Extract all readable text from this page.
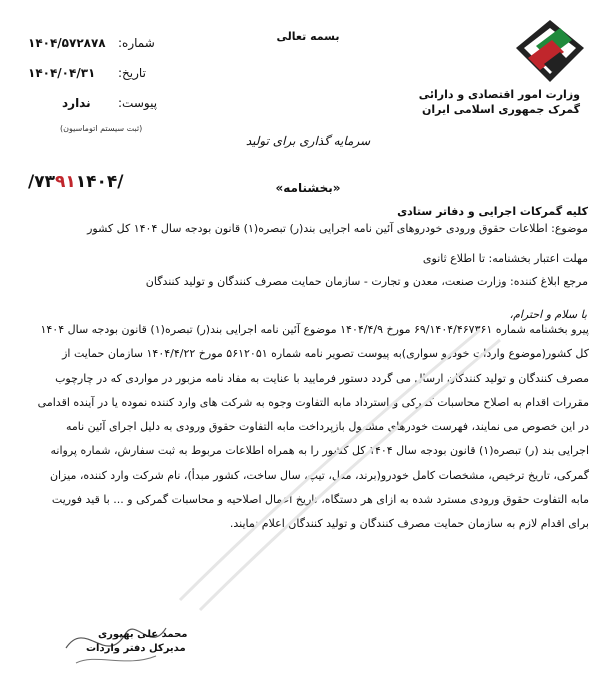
بسمه تعالی
وزارت امور اقتصادی و دارائی
گمرک جمهوری اسلامی ایران
شماره:
۱۴۰۴/۵۷۲۸۷۸
تاریخ:
۱۴۰۴/۰۴/۳۱
پیوست:
ندارد
(ثبت سیستم اتوماسیون)
سرمایه گذاری برای تولید
/۷۳۹۱۱۴۰۴/	«بخشنامه»
کلیه گمرکات اجرایی و دفاتر ستادی
موضوع: اطلاعات حقوق ورودی خودروهای آئین نامه اجرایی بند(ر) تبصره(۱) قانون بودجه سال ۱۴۰۴ کل کشور
مهلت اعتبار بخشنامه: تا اطلاع ثانوی
مرجع ابلاغ کننده: وزارت صنعت، معدن و تجارت - سازمان حمایت مصرف کنندگان و تولید کنندگان
با سلام و احترام،

پیرو بخشنامه شماره ۶۹/۱۴۰۴/۴۶۷۳۶۱ مورخ ۱۴۰۴/۴/۹ موضوع آئین نامه اجرایی بند(ر) تبصره(۱) قانون بودجه سال ۱۴۰۴

کل کشور(موضوع واردات خودرو سواری)به پیوست تصویر نامه شماره ۵۶۱۲۰۵۱ مورخ ۱۴۰۴/۴/۲۲ سازمان حمایت از

مصرف کنندگان و تولید کنندگان ارسال می گردد دستور فرمایید با عنایت به مفاد نامه مزبور در مواردی که در چارچوب

مقررات اقدام به اصلاح محاسبات گمرکی و استرداد مابه التفاوت وجوه به شرکت های وارد کننده نموده یا در آینده اقدامی

در این خصوص می نمایند، فهرست خودرهای مشمول بازپرداخت مابه التفاوت حقوق ورودی به دلیل اجرای آئین نامه

اجرایی بند (ر) تبصره(۱) قانون بودجه سال ۱۴۰۴ کل کشور را به همراه اطلاعات مربوط به ثبت سفارش، شماره پروانه

گمرکی، تاریخ ترخیص، مشخصات کامل خودرو(برند، مدل، تیپ، سال ساخت، کشور مبدأ)، نام شرکت وارد کننده، میزان

مابه التفاوت حقوق ورودی مسترد شده به ازای هر دستگاه، تاریخ اعمال اصلاحیه و محاسبات گمرکی و ... با قید فوریت

برای اقدام لازم به سازمان حمایت مصرف کنندگان و تولید کنندگان اعلام نمایند.

محمد علی بهپوری
مدیرکل دفتر واردات
